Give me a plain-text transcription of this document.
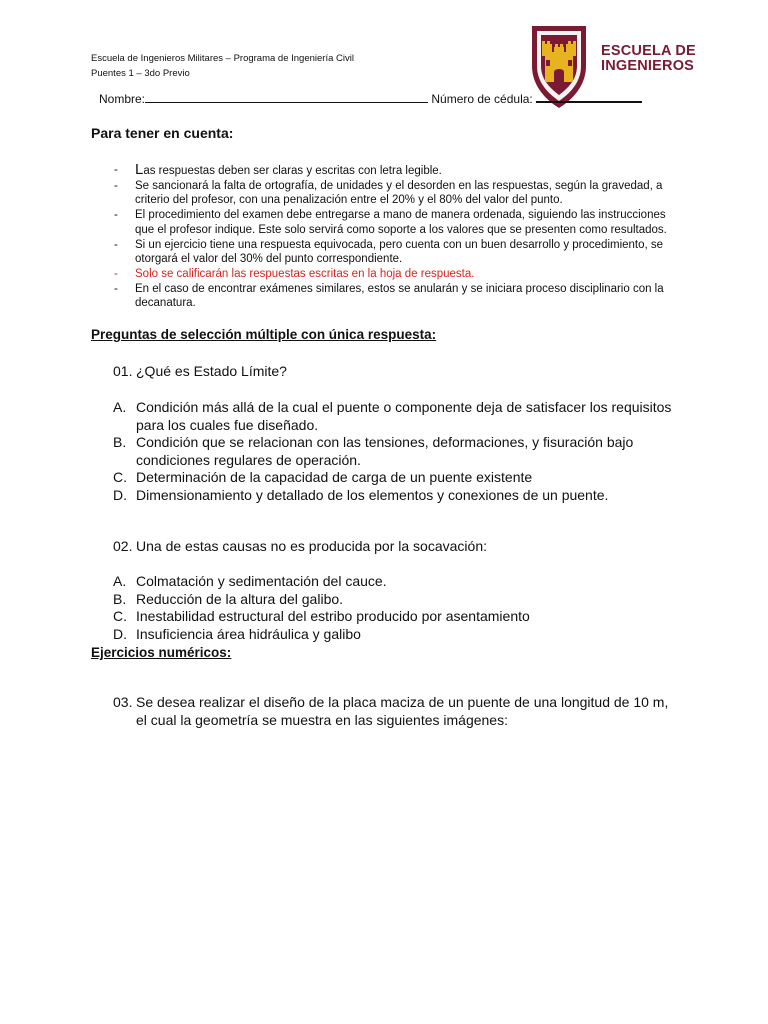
Escuela de Ingenieros Militares – Programa de Ingeniería Civil
Puentes 1 – 3do Previo
ESCUELA DE
INGENIEROS
Nombre:	Número de cédula:
Para tener en cuenta:
- Las respuestas deben ser claras y escritas con letra legible.
- Se sancionará la falta de ortografía, de unidades y el desorden en las respuestas, según la gravedad, a criterio del profesor, con una penalización entre el 20% y el 80% del valor del punto.
- El procedimiento del examen debe entregarse a mano de manera ordenada, siguiendo las instrucciones que el profesor indique. Este solo servirá como soporte a los valores que se presenten como resultados.
- Si un ejercicio tiene una respuesta equivocada, pero cuenta con un buen desarrollo y procedimiento, se otorgará el valor del 30% del punto correspondiente.
- Solo se calificarán las respuestas escritas en la hoja de respuesta.
- En el caso de encontrar exámenes similares, estos se anularán y se iniciara proceso disciplinario con la decanatura.
Preguntas de selección múltiple con única respuesta:
01. ¿Qué es Estado Límite?
A. Condición más allá de la cual el puente o componente deja de satisfacer los requisitos para los cuales fue diseñado.
B. Condición que se relacionan con las tensiones, deformaciones, y fisuración bajo condiciones regulares de operación.
C. Determinación de la capacidad de carga de un puente existente
D. Dimensionamiento y detallado de los elementos y conexiones de un puente.
02. Una de estas causas no es producida por la socavación:
A. Colmatación y sedimentación del cauce.
B. Reducción de la altura del galibo.
C. Inestabilidad estructural del estribo producido por asentamiento
D. Insuficiencia área hidráulica y galibo
Ejercicios numéricos:
03. Se desea realizar el diseño de la placa maciza de un puente de una longitud de 10 m, el cual la geometría se muestra en las siguientes imágenes:
